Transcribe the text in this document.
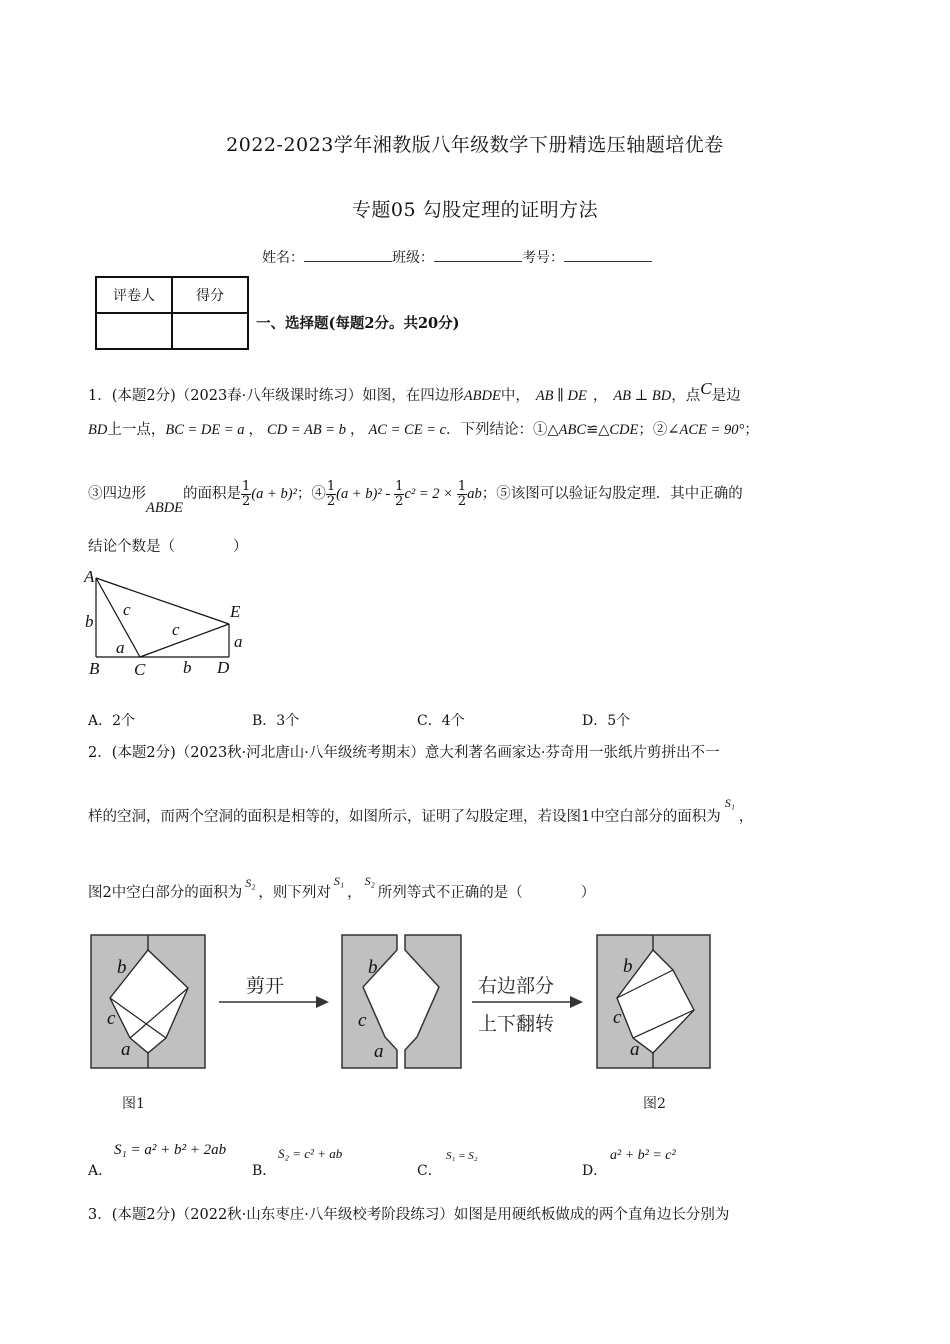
2022-2023学年湘教版八年级数学下册精选压轴题培优卷
专题05 勾股定理的证明方法
姓名：	班级：	考号：
评卷人	得分

一、选择题(每题2分。共20分)
1．(本题2分)（2023春·八年级课时练习）如图，在四边形ABDE中， AB ∥ DE ， AB ⊥ BD，点C是边
BD上一点，BC = DE = a ， CD = AB = b ， AC = CE = c．下列结论：①△ABC≌△CDE；②∠ACE = 90°；
③四边形
ABDE
的面积是 $\frac{1}{2} (a + b)^2$ ；④ $\frac{1}{2} (a + b)^2 - \frac{1}{2} c^2 = 2 \times \frac{1}{2}$ ab ；⑤该图可以验证勾股定理．其中正确的
结论个数是（　　　　）
A
B C	D
E
b
a
b
a
c
c
A．2个	B．3个	C．4个	D．5个
2．(本题2分)（2023秋·河北唐山·八年级统考期末）意大利著名画家达·芬奇用一张纸片剪拼出不一
样的空洞，而两个空洞的面积是相等的，如图所示，证明了勾股定理，若设图1中空白部分的面积为$^{S_1}$，
图2中空白部分的面积为$^{S_2}$，则下列对$^{S_1}$，$^{S_2}$所列等式不正确的是（　　　　）
b
c
a
剪开
b
c
a
右边部分
上下翻转
b
c
a
图1	图2
A．
S₁ = a² + b² + 2ab
B．
S₂ = c² + ab
C．
S₁ = S₂
D．
a² + b² = c²
3．(本题2分)（2022秋·山东枣庄·八年级校考阶段练习）如图是用硬纸板做成的两个直角边长分别为
